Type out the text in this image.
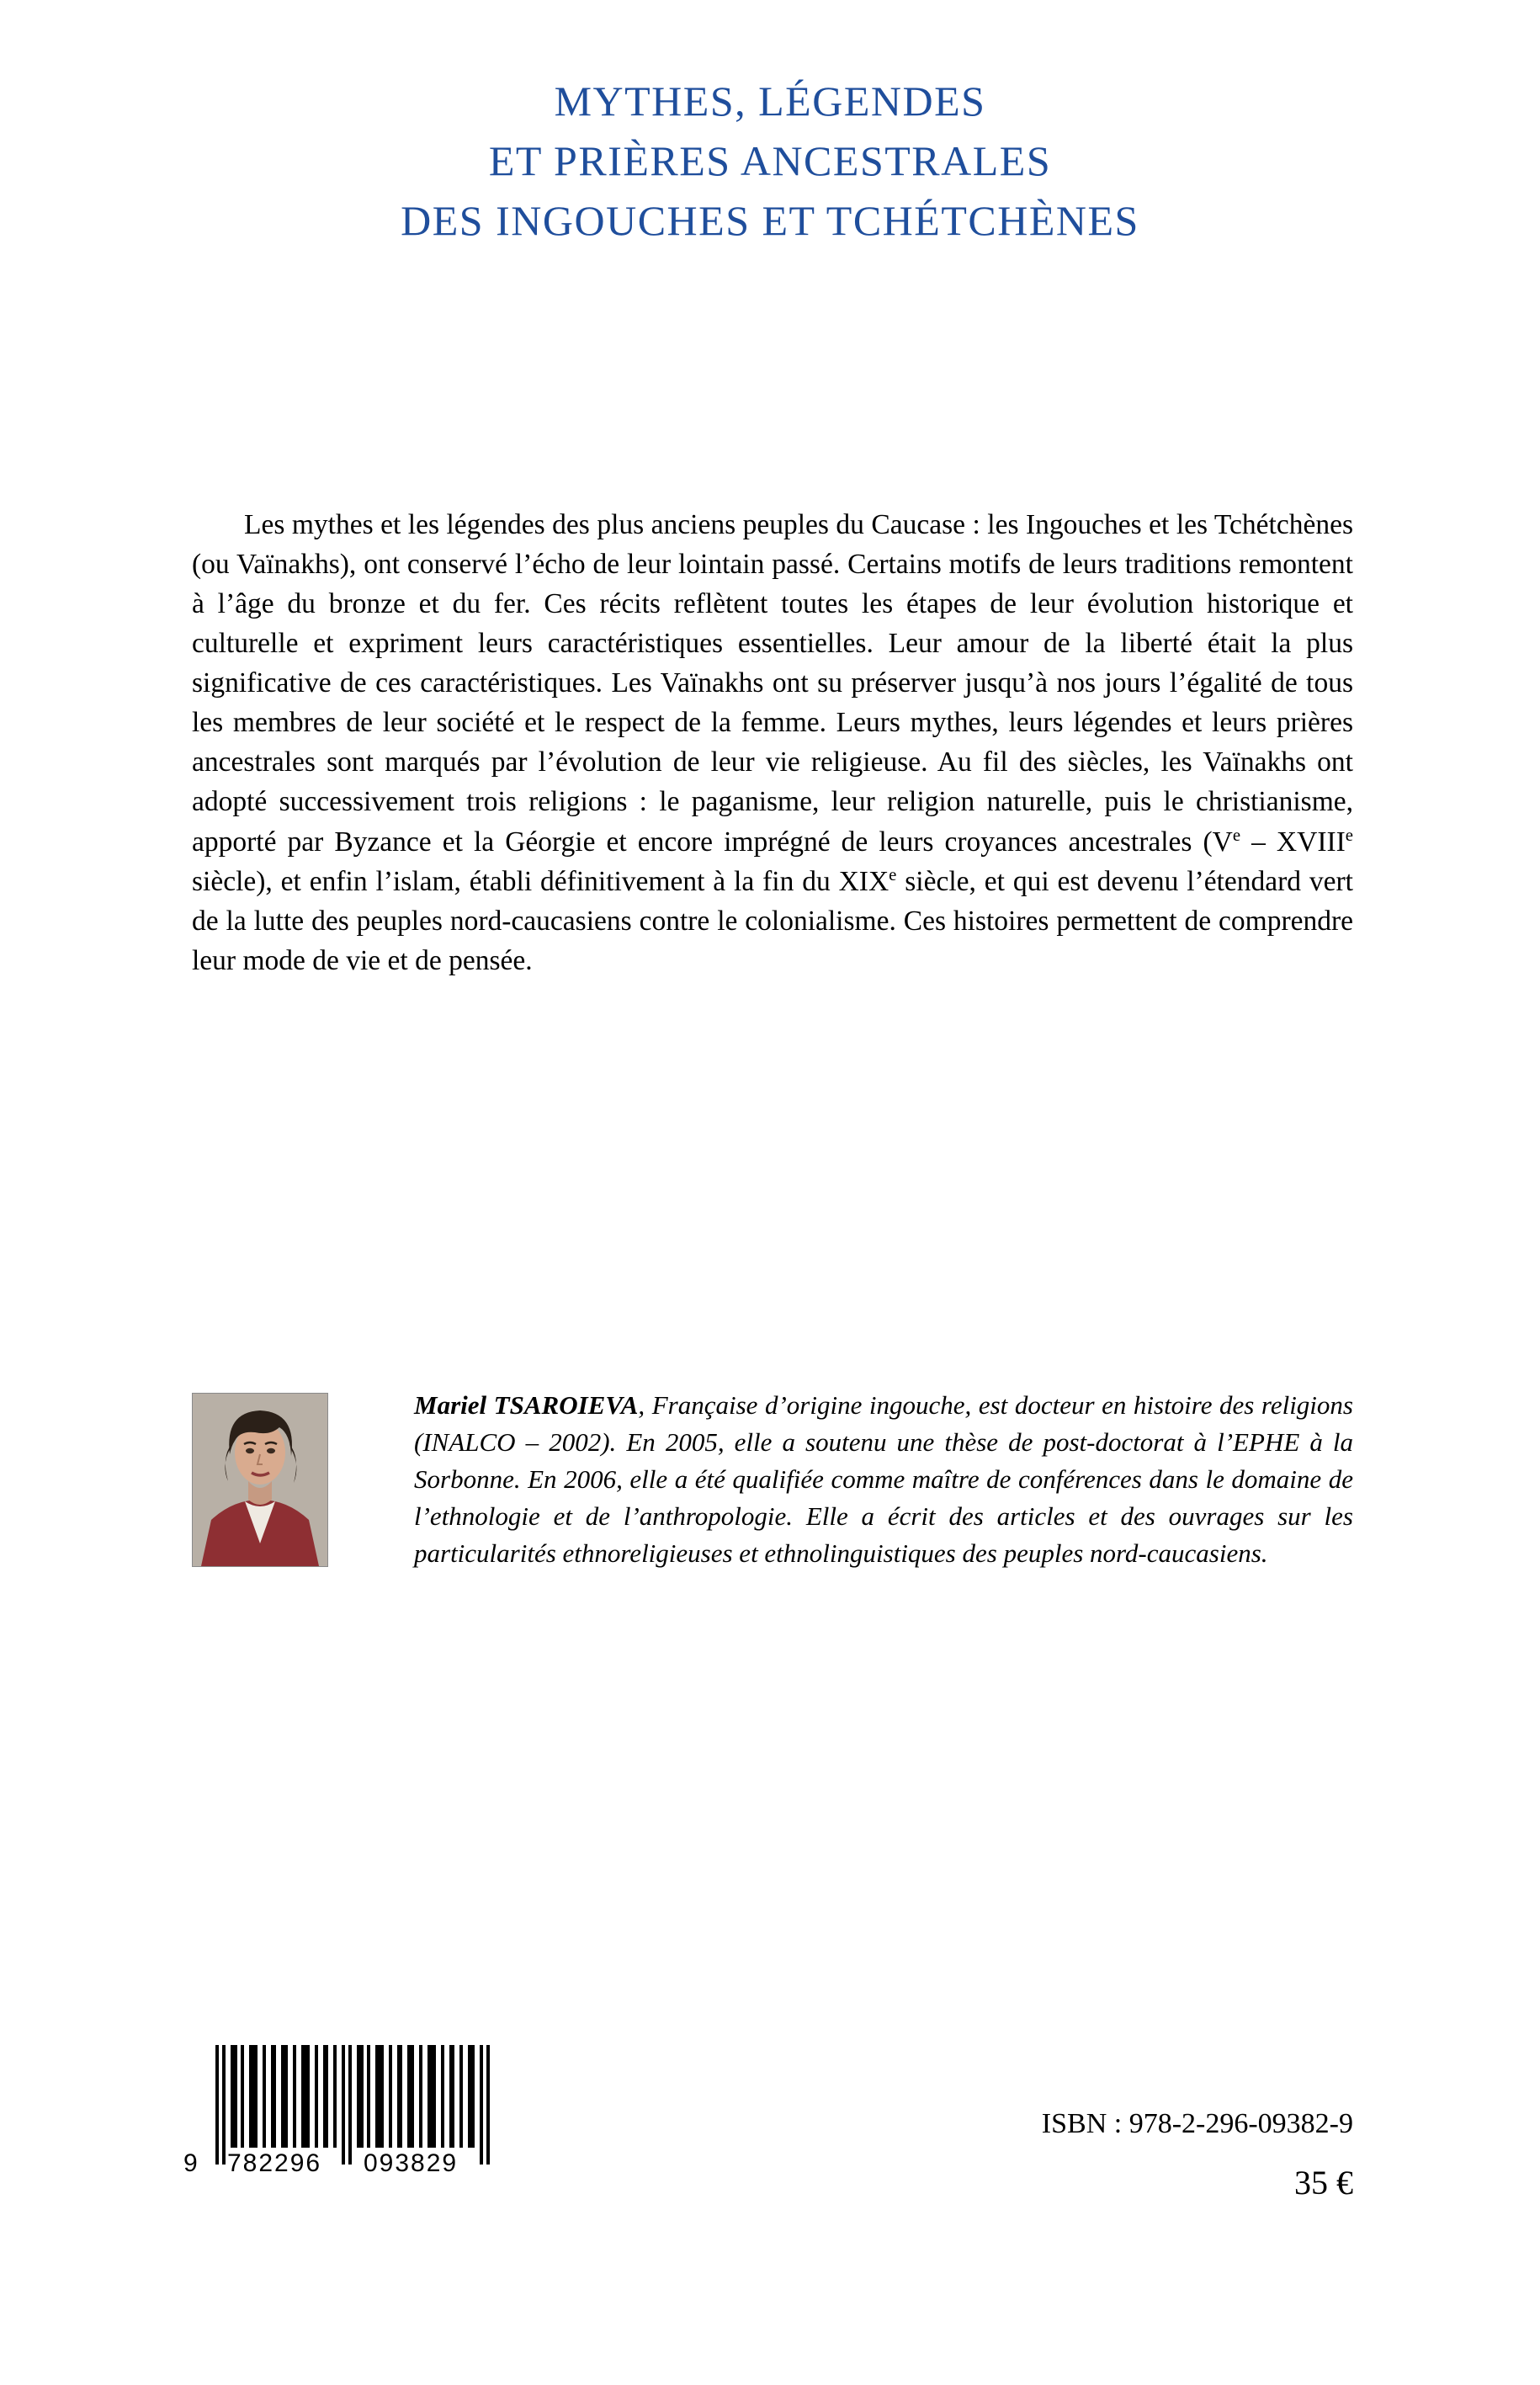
MYTHES, LÉGENDES
ET PRIÈRES ANCESTRALES
DES INGOUCHES ET TCHÉTCHÈNES

Les mythes et les légendes des plus anciens peuples du Caucase : les Ingouches et les Tchétchènes (ou Vaïnakhs), ont conservé l’écho de leur lointain passé. Certains motifs de leurs traditions remontent à l’âge du bronze et du fer. Ces récits reflètent toutes les étapes de leur évolution historique et culturelle et expriment leurs caractéristiques essentielles. Leur amour de la liberté était la plus significative de ces caractéristiques. Les Vaïnakhs ont su préserver jusqu’à nos jours l’égalité de tous les membres de leur société et le respect de la femme. Leurs mythes, leurs légendes et leurs prières ancestrales sont marqués par l’évolution de leur vie religieuse. Au fil des siècles, les Vaïnakhs ont adopté successivement trois religions : le paganisme, leur religion naturelle, puis le christianisme, apporté par Byzance et la Géorgie et encore imprégné de leurs croyances ancestrales (Ve – XVIIIe siècle), et enfin l’islam, établi définitivement à la fin du XIXe siècle, et qui est devenu l’étendard vert de la lutte des peuples nord-caucasiens contre le colonialisme. Ces histoires permettent de comprendre leur mode de vie et de pensée.

Mariel TSAROIEVA, Française d’origine ingouche, est docteur en histoire des religions (INALCO – 2002). En 2005, elle a soutenu une thèse de post-doctorat à l’EPHE à la Sorbonne. En 2006, elle a été qualifiée comme maître de conférences dans le domaine de l’ethnologie et de l’anthropologie. Elle a écrit des articles et des ouvrages sur les particularités ethnoreligieuses et ethnolinguistiques des peuples nord-caucasiens.

9 782296 093829
ISBN : 978-2-296-09382-9
35 €
